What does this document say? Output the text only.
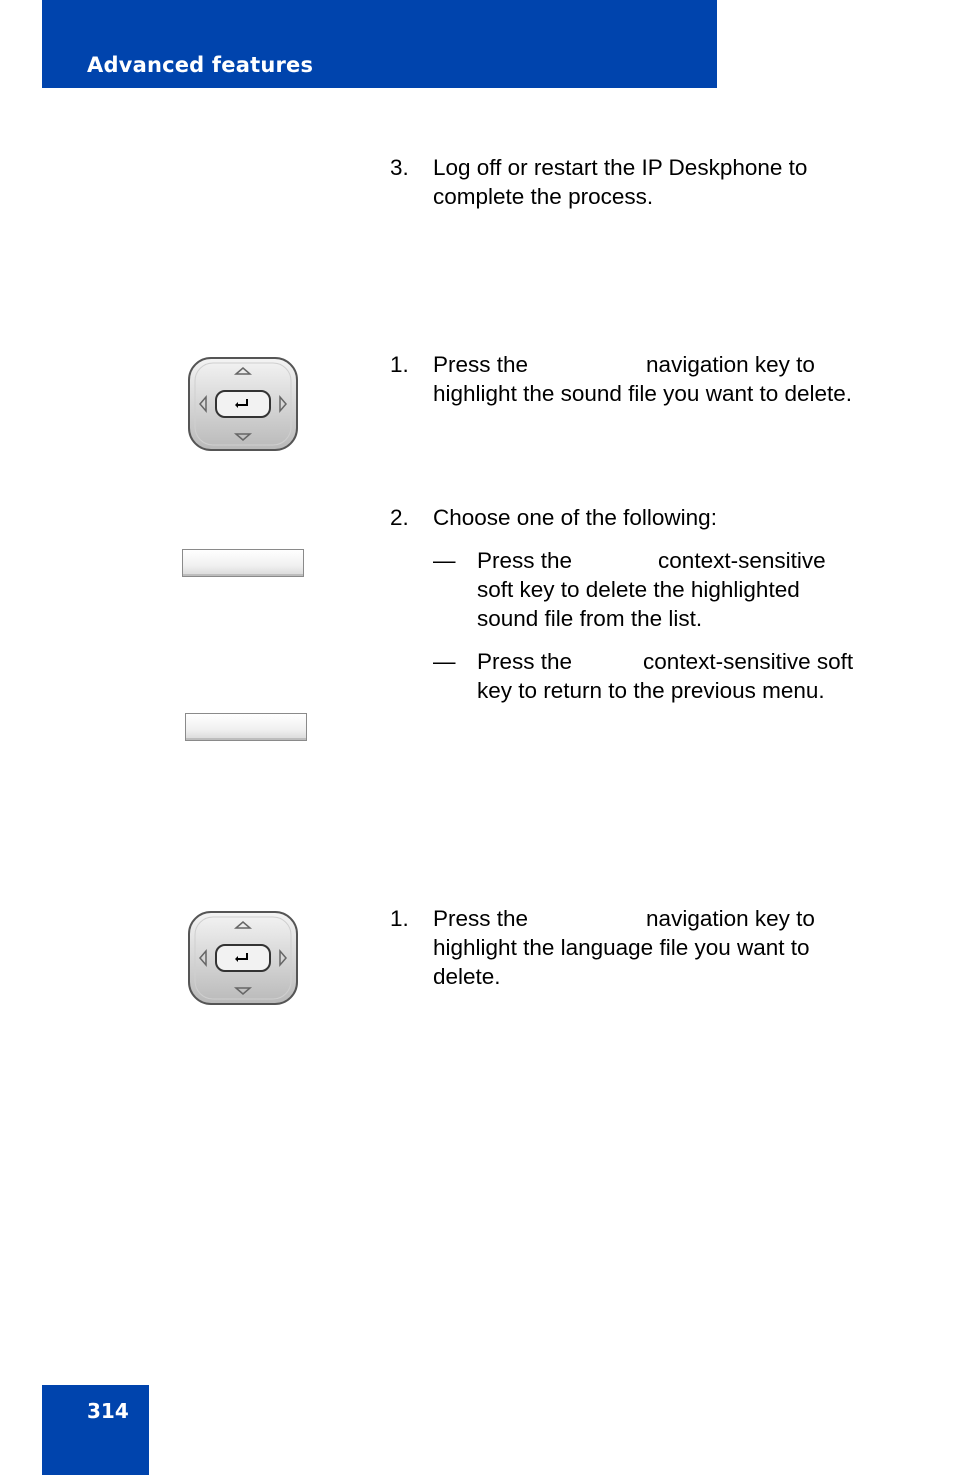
Advanced features
3. Log off or restart the IP Deskphone to complete the process.
1. Press the	navigation key to highlight the sound file you want to delete.
2. Choose one of the following:
— Press the	context-sensitive soft key to delete the highlighted sound file from the list.
— Press the	context-sensitive soft key to return to the previous menu.
1. Press the	navigation key to highlight the language file you want to delete.
314
